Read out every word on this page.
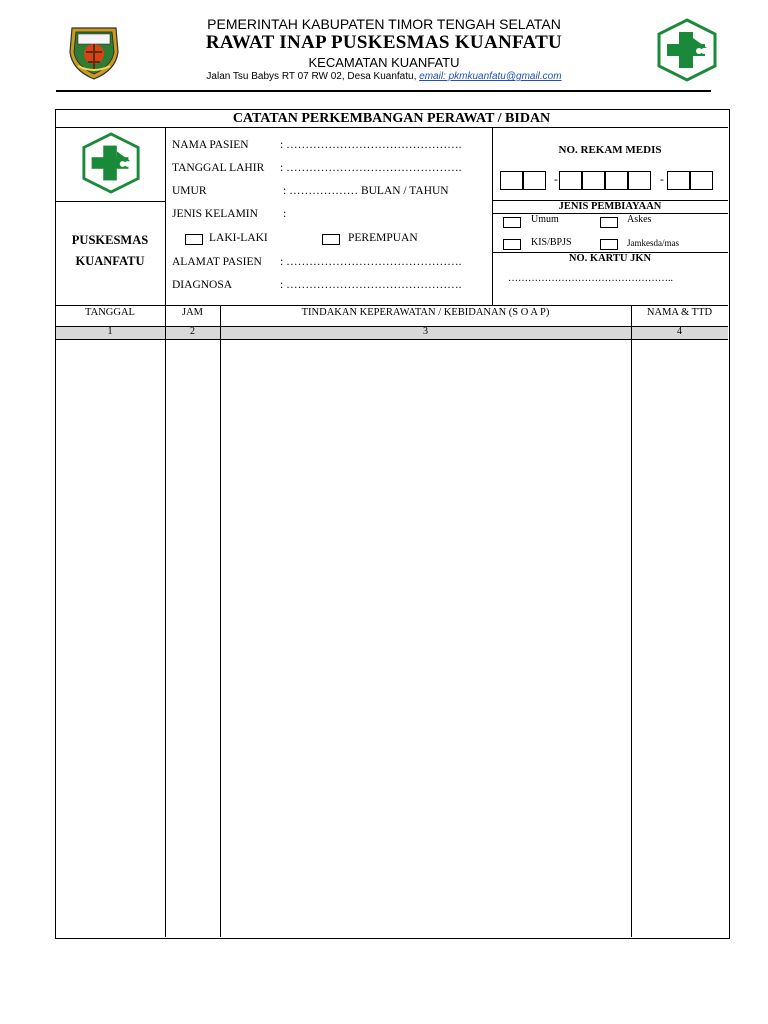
PEMERINTAH KABUPATEN TIMOR TENGAH SELATAN
RAWAT INAP PUSKESMAS KUANFATU
KECAMATAN KUANFATU
Jalan Tsu Babys RT 07 RW 02, Desa Kuanfatu, email: pkmkuanfatu@gmail.com
CATATAN PERKEMBANGAN PERAWAT / BIDAN
PUSKESMAS
KUANFATU
NAMA PASIEN	: ……………………………………….
TANGGAL LAHIR : ……………………………………….
UMUR	: ……………… BULAN / TAHUN
JENIS KELAMIN :
LAKI-LAKI	PEREMPUAN
ALAMAT PASIEN : ……………………………………….
DIAGNOSA	: ……………………………………….
NO. REKAM MEDIS
-	-
JENIS PEMBIAYAAN
Umum	Askes
KIS/BPJS	Jamkesda/mas
NO. KARTU JKN
…………………………………………..
TANGGAL	JAM	TINDAKAN KEPERAWATAN / KEBIDANAN (S O A P)	NAMA & TTD
1	2	3	4
